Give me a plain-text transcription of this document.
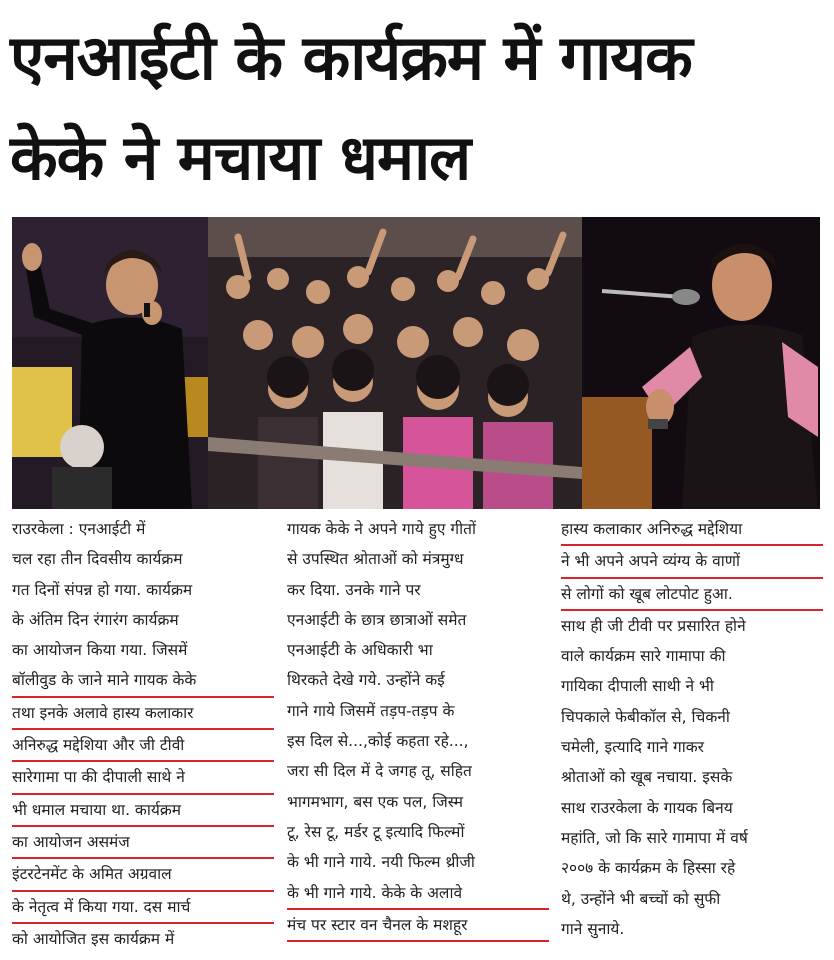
एनआईटी के कार्यक्रम में गायक
केके ने मचाया धमाल
राउरकेला : एनआईटी में
चल रहा तीन दिवसीय कार्यक्रम
गत दिनों संपन्न हो गया. कार्यक्रम
के अंतिम दिन रंगारंग कार्यक्रम
का आयोजन किया गया. जिसमें
बॉलीवुड के जाने माने गायक केके
तथा इनके अलावे हास्य कलाकार
अनिरुद्ध मद्देशिया और जी टीवी
सारेगामा पा की दीपाली साथे ने
भी धमाल मचाया था. कार्यक्रम
का आयोजन असमंज
इंटरटेनमेंट के अमित अग्रवाल
के नेतृत्व में किया गया. दस मार्च
को आयोजित इस कार्यक्रम में
गायक केके ने अपने गाये हुए गीतों
से उपस्थित श्रोताओं को मंत्रमुग्ध
कर दिया. उनके गाने पर
एनआईटी के छात्र छात्राओं समेत
एनआईटी के अधिकारी भा
थिरकते देखे गये. उन्होंने कई
गाने गाये जिसमें तड़प-तड़प के
इस दिल से...,कोई कहता रहे...,
जरा सी दिल में दे जगह तू, सहित
भागमभाग, बस एक पल, जिस्म
टू, रेस टू, मर्डर टू इत्यादि फिल्मों
के भी गाने गाये. नयी फिल्म थ्रीजी
के भी गाने गाये. केके के अलावे
मंच पर स्टार वन चैनल के मशहूर
हास्य कलाकार अनिरुद्ध मद्देशिया
ने भी अपने अपने व्यंग्य के वाणों
से लोगों को खूब लोटपोट हुआ.
साथ ही जी टीवी पर प्रसारित होने
वाले कार्यक्रम सारे गामापा की
गायिका दीपाली साथी ने भी
चिपकाले फेबीकॉल से, चिकनी
चमेली, इत्यादि गाने गाकर
श्रोताओं को खूब नचाया. इसके
साथ राउरकेला के गायक बिनय
महांति, जो कि सारे गामापा में वर्ष
२००७ के कार्यक्रम के हिस्सा रहे
थे, उन्होंने भी बच्चों को सुफी
गाने सुनाये.
